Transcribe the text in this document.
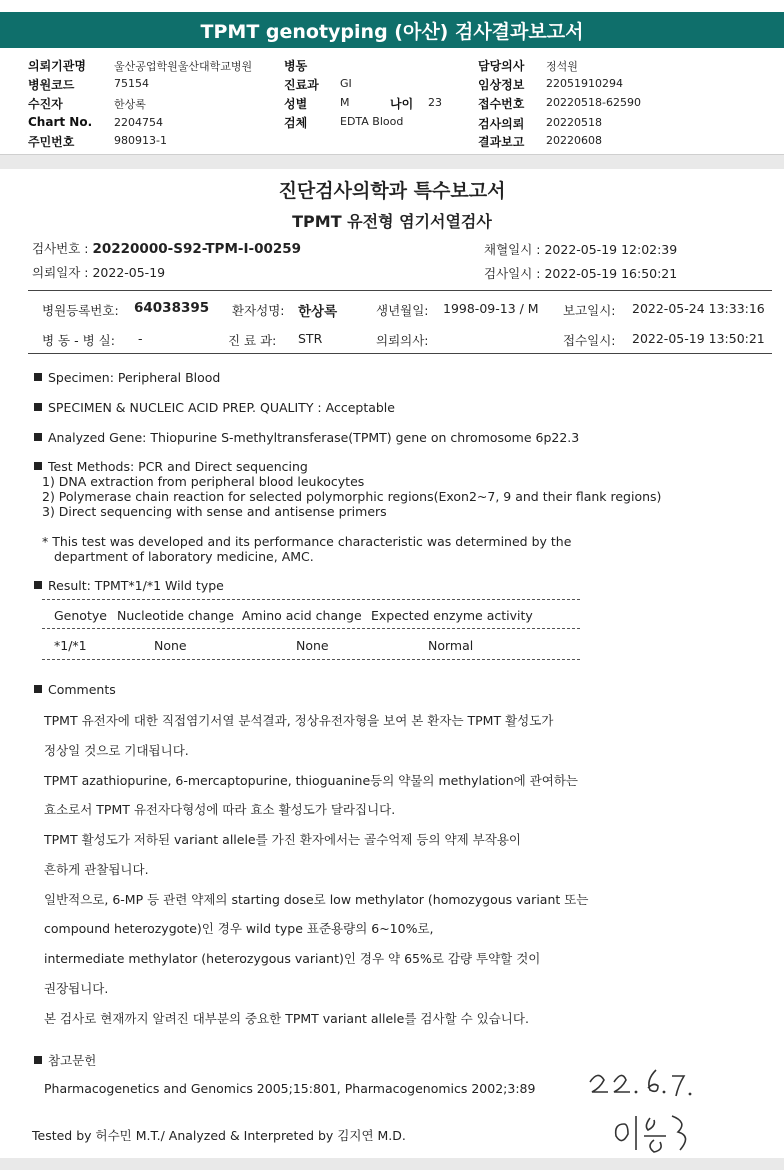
TPMT genotyping (아산) 검사결과보고서
의뢰기관명	울산공업학원울산대학교병원
병원코드	75154
수진자	한상록
Chart No. 2204754
주민번호	980913-1
병동
진료과 GI
성별	M	나이 23
검체	EDTA Blood
담당의사 정석원
임상정보 22051910294
접수번호 20220518-62590
검사의뢰 20220518
결과보고 20220608
진단검사의학과 특수보고서
TPMT 유전형 염기서열검사
검사번호 : 20220000-S92-TPM-I-00259
의뢰일자 : 2022-05-19
채혈일시 : 2022-05-19 12:02:39
검사일시 : 2022-05-19 16:50:21
병원등록번호: 64038395 환자성명: 한상록	생년월일: 1998-09-13 / M 보고일시: 2022-05-24 13:33:16
병 동 - 병 실: -	진 료 과: STR	의뢰의사:	접수일시: 2022-05-19 13:50:21
Specimen: Peripheral Blood
SPECIMEN & NUCLEIC ACID PREP. QUALITY : Acceptable
Analyzed Gene: Thiopurine S-methyltransferase(TPMT) gene on chromosome 6p22.3
Test Methods: PCR and Direct sequencing
1) DNA extraction from peripheral blood leukocytes
2) Polymerase chain reaction for selected polymorphic regions(Exon2~7, 9 and their flank regions)
3) Direct sequencing with sense and antisense primers
* This test was developed and its performance characteristic was determined by the
department of laboratory medicine, AMC.
Result: TPMT*1/*1 Wild type
Genotye Nucleotide change Amino acid change Expected enzyme activity
*1/*1	None	None	Normal
Comments
TPMT 유전자에 대한 직접염기서열 분석결과, 정상유전자형을 보여 본 환자는 TPMT 활성도가
정상일 것으로 기대됩니다.
TPMT azathiopurine, 6-mercaptopurine, thioguanine등의 약물의 methylation에 관여하는
효소로서 TPMT 유전자다형성에 따라 효소 활성도가 달라집니다.
TPMT 활성도가 저하된 variant allele를 가진 환자에서는 골수억제 등의 약제 부작용이
흔하게 관찰됩니다.
일반적으로, 6-MP 등 관련 약제의 starting dose로 low methylator (homozygous variant 또는
compound heterozygote)인 경우 wild type 표준용량의 6~10%로,
intermediate methylator (heterozygous variant)인 경우 약 65%로 감량 투약할 것이
권장됩니다.
본 검사로 현재까지 알려진 대부분의 중요한 TPMT variant allele를 검사할 수 있습니다.
참고문헌
Pharmacogenetics and Genomics 2005;15:801, Pharmacogenomics 2002;3:89
Tested by 허수민 M.T./ Analyzed & Interpreted by 김지연 M.D.
